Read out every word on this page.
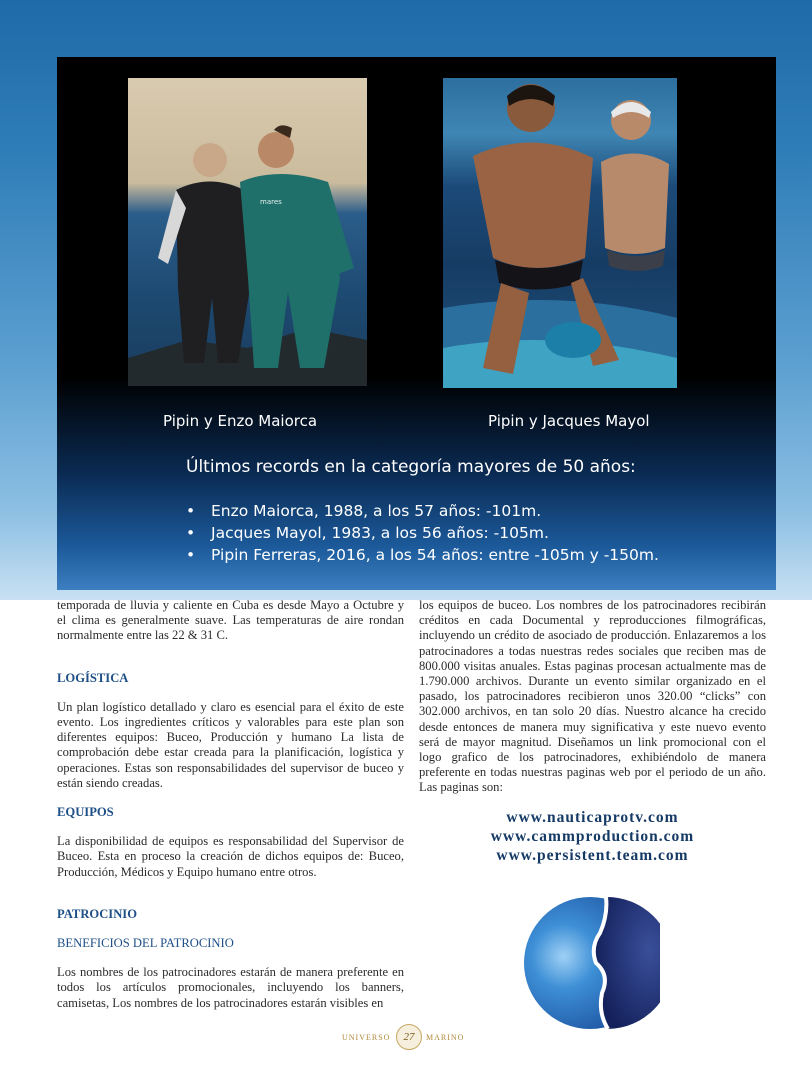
mares
Pipin y Enzo Maiorca	Pipin y Jacques Mayol
Últimos records en la categoría mayores de 50 años:
• Enzo Maiorca, 1988, a los 57 años: -101m.
• Jacques Mayol, 1983, a los 56 años: -105m.
• Pipin Ferreras, 2016, a los 54 años: entre -105m y -150m.

temporada de lluvia y caliente en Cuba es desde Mayo a Octubre y el clima es generalmente suave. Las temperaturas de aire rondan normalmente entre las 22 & 31 C.

LOGÍSTICA

Un plan logístico detallado y claro es esencial para el éxito de este evento. Los ingredientes críticos y valorables para este plan son diferentes equipos: Buceo, Producción y humano La lista de comprobación debe estar creada para la planificación, logística y operaciones. Estas son responsabilidades del supervisor de buceo y están siendo creadas.

EQUIPOS

La disponibilidad de equipos es responsabilidad del Supervisor de Buceo. Esta en proceso la creación de dichos equipos de: Buceo, Producción, Médicos y Equipo humano entre otros.

PATROCINIO
BENEFICIOS DEL PATROCINIO

Los nombres de los patrocinadores estarán de manera preferente en todos los artículos promocionales, incluyendo los banners, camisetas, Los nombres de los patrocinadores estarán visibles en

los equipos de buceo. Los nombres de los patrocinadores recibirán créditos en cada Documental y reproducciones filmográficas, incluyendo un crédito de asociado de producción. Enlazaremos a los patrocinadores a todas nuestras redes sociales que reciben mas de 800.000 visitas anuales. Estas paginas procesan actualmente mas de 1.790.000 archivos. Durante un evento similar organizado en el pasado, los patrocinadores recibieron unos 320.00 “clicks” con 302.000 archivos, en tan solo 20 días. Nuestro alcance ha crecido desde entonces de manera muy significativa y este nuevo evento será de mayor magnitud. Diseñamos un link promocional con el logo grafico de los patrocinadores, exhibiéndolo de manera preferente en todas nuestras paginas web por el periodo de un año. Las paginas son:

www.nauticaprotv.com
www.cammproduction.com
www.persistent.team.com
UNIVERSO	27	MARINO
